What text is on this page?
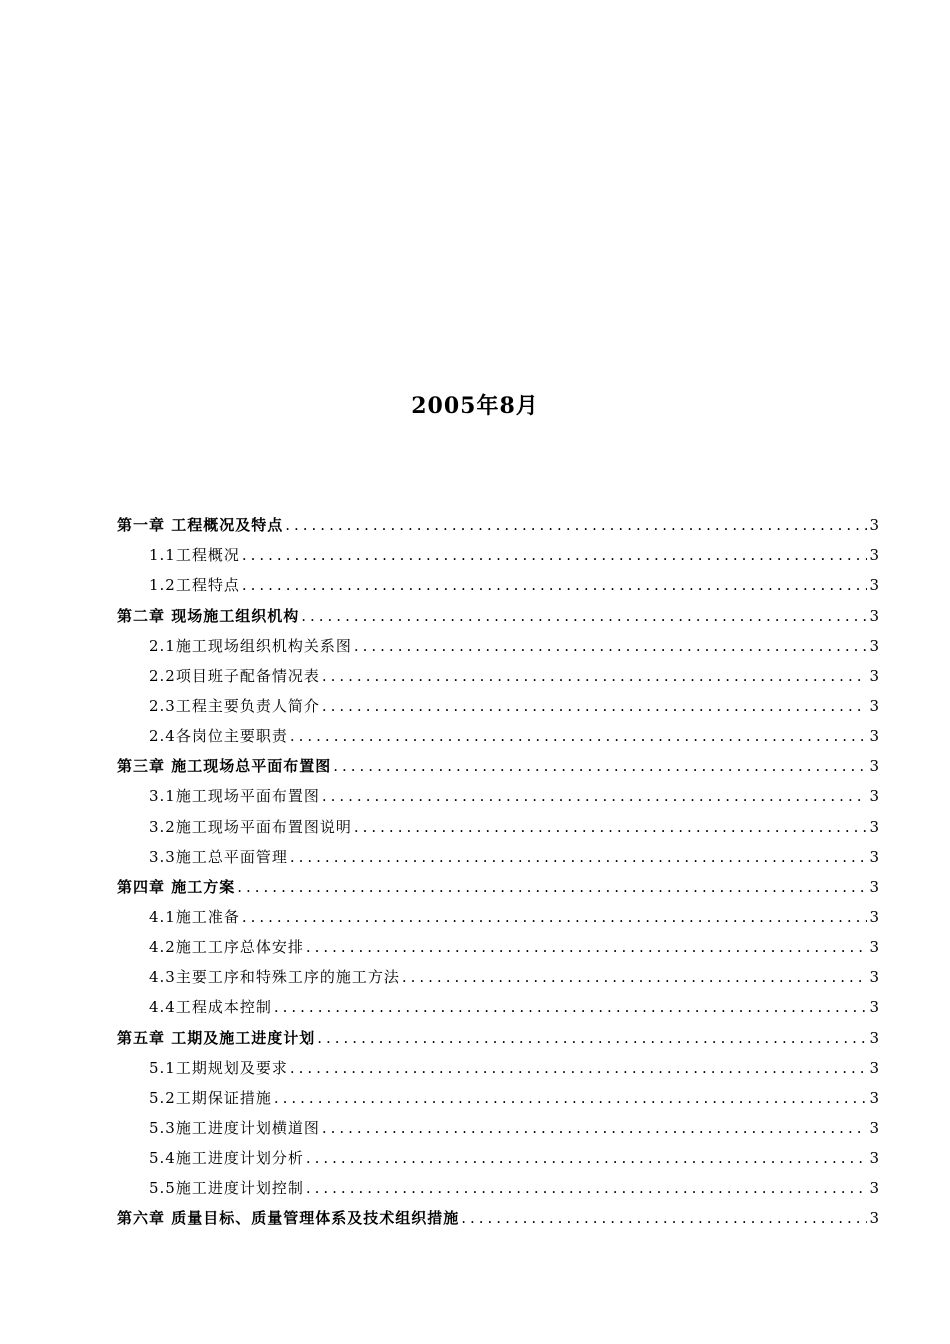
2005年8月
第一章 工程概况及特点 .....	3
1.1工程概况 .....	3
1.2工程特点 .....	3
第二章 现场施工组织机构 .....	3
2.1施工现场组织机构关系图 .....	3
2.2项目班子配备情况表 .....	3
2.3工程主要负责人简介 .....	3
2.4各岗位主要职责 .....	3
第三章 施工现场总平面布置图 .....	3
3.1施工现场平面布置图 .....	3
3.2施工现场平面布置图说明 .....	3
3.3施工总平面管理 .....	3
第四章 施工方案 .....	3
4.1施工准备 .....	3
4.2施工工序总体安排 .....	3
4.3主要工序和特殊工序的施工方法 .....	3
4.4工程成本控制 .....	3
第五章 工期及施工进度计划 .....	3
5.1工期规划及要求 .....	3
5.2工期保证措施 .....	3
5.3施工进度计划横道图 .....	3
5.4施工进度计划分析 .....	3
5.5施工进度计划控制 .....	3
第六章 质量目标、质量管理体系及技术组织措施 .....	3
